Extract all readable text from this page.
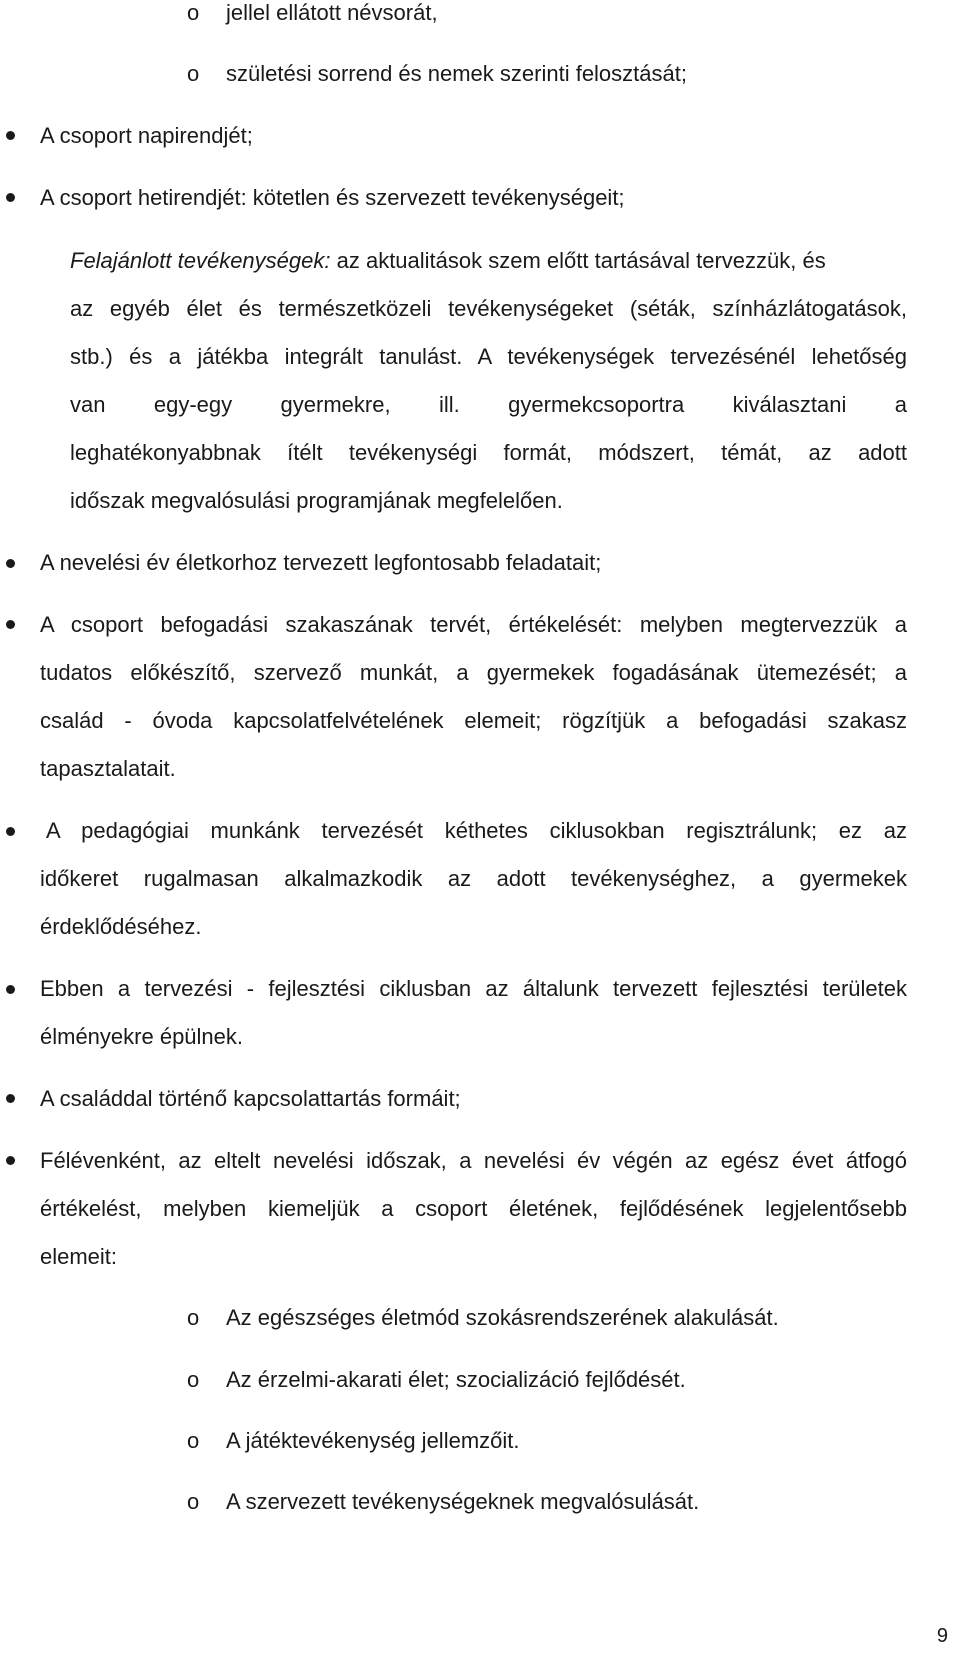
o jellel ellátott névsorát,
o születési sorrend és nemek szerinti felosztását;
A csoport napirendjét;
A csoport hetirendjét: kötetlen és szervezett tevékenységeit;
Felajánlott tevékenységek: az aktualitások szem előtt tartásával tervezzük, és
az egyéb élet és természetközeli tevékenységeket (séták, színházlátogatások,
stb.) és a játékba integrált tanulást. A tevékenységek tervezésénél lehetőség
van egy-egy gyermekre, ill. gyermekcsoportra kiválasztani a
leghatékonyabbnak ítélt tevékenységi formát, módszert, témát, az adott
időszak megvalósulási programjának megfelelően.
A nevelési év életkorhoz tervezett legfontosabb feladatait;
A csoport befogadási szakaszának tervét, értékelését: melyben megtervezzük a
tudatos előkészítő, szervező munkát, a gyermekek fogadásának ütemezését; a
család - óvoda kapcsolatfelvételének elemeit; rögzítjük a befogadási szakasz
tapasztalatait.
A pedagógiai munkánk tervezését kéthetes ciklusokban regisztrálunk; ez az
időkeret rugalmasan alkalmazkodik az adott tevékenységhez, a gyermekek
érdeklődéséhez.
Ebben a tervezési - fejlesztési ciklusban az általunk tervezett fejlesztési területek
élményekre épülnek.
A családdal történő kapcsolattartás formáit;
Félévenként, az eltelt nevelési időszak, a nevelési év végén az egész évet átfogó
értékelést, melyben kiemeljük a csoport életének, fejlődésének legjelentősebb
elemeit:
o Az egészséges életmód szokásrendszerének alakulását.
o Az érzelmi-akarati élet; szocializáció fejlődését.
o A játéktevékenység jellemzőit.
o A szervezett tevékenységeknek megvalósulását.
9
